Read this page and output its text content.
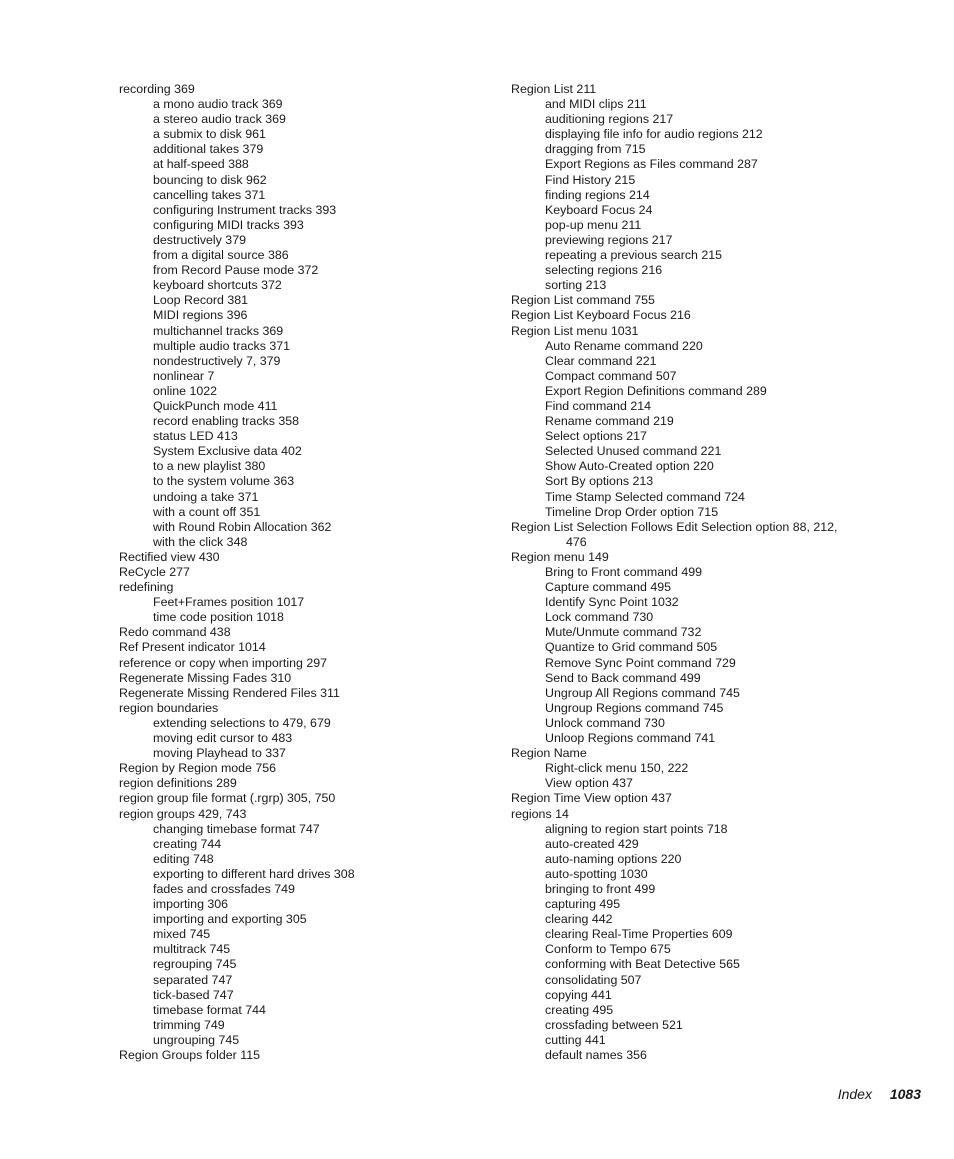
recording 369
a mono audio track 369
a stereo audio track 369
a submix to disk 961
additional takes 379
at half-speed 388
bouncing to disk 962
cancelling takes 371
configuring Instrument tracks 393
configuring MIDI tracks 393
destructively 379
from a digital source 386
from Record Pause mode 372
keyboard shortcuts 372
Loop Record 381
MIDI regions 396
multichannel tracks 369
multiple audio tracks 371
nondestructively 7, 379
nonlinear 7
online 1022
QuickPunch mode 411
record enabling tracks 358
status LED 413
System Exclusive data 402
to a new playlist 380
to the system volume 363
undoing a take 371
with a count off 351
with Round Robin Allocation 362
with the click 348
Rectified view 430
ReCycle 277
redefining
Feet+Frames position 1017
time code position 1018
Redo command 438
Ref Present indicator 1014
reference or copy when importing 297
Regenerate Missing Fades 310
Regenerate Missing Rendered Files 311
region boundaries
extending selections to 479, 679
moving edit cursor to 483
moving Playhead to 337
Region by Region mode 756
region definitions 289
region group file format (.rgrp) 305, 750
region groups 429, 743
changing timebase format 747
creating 744
editing 748
exporting to different hard drives 308
fades and crossfades 749
importing 306
importing and exporting 305
mixed 745
multitrack 745
regrouping 745
separated 747
tick-based 747
timebase format 744
trimming 749
ungrouping 745
Region Groups folder 115
Region List 211
and MIDI clips 211
auditioning regions 217
displaying file info for audio regions 212
dragging from 715
Export Regions as Files command 287
Find History 215
finding regions 214
Keyboard Focus 24
pop-up menu 211
previewing regions 217
repeating a previous search 215
selecting regions 216
sorting 213
Region List command 755
Region List Keyboard Focus 216
Region List menu 1031
Auto Rename command 220
Clear command 221
Compact command 507
Export Region Definitions command 289
Find command 214
Rename command 219
Select options 217
Selected Unused command 221
Show Auto-Created option 220
Sort By options 213
Time Stamp Selected command 724
Timeline Drop Order option 715
Region List Selection Follows Edit Selection option 88, 212,
476
Region menu 149
Bring to Front command 499
Capture command 495
Identify Sync Point 1032
Lock command 730
Mute/Unmute command 732
Quantize to Grid command 505
Remove Sync Point command 729
Send to Back command 499
Ungroup All Regions command 745
Ungroup Regions command 745
Unlock command 730
Unloop Regions command 741
Region Name
Right-click menu 150, 222
View option 437
Region Time View option 437
regions 14
aligning to region start points 718
auto-created 429
auto-naming options 220
auto-spotting 1030
bringing to front 499
capturing 495
clearing 442
clearing Real-Time Properties 609
Conform to Tempo 675
conforming with Beat Detective 565
consolidating 507
copying 441
creating 495
crossfading between 521
cutting 441
default names 356
Index 1083
